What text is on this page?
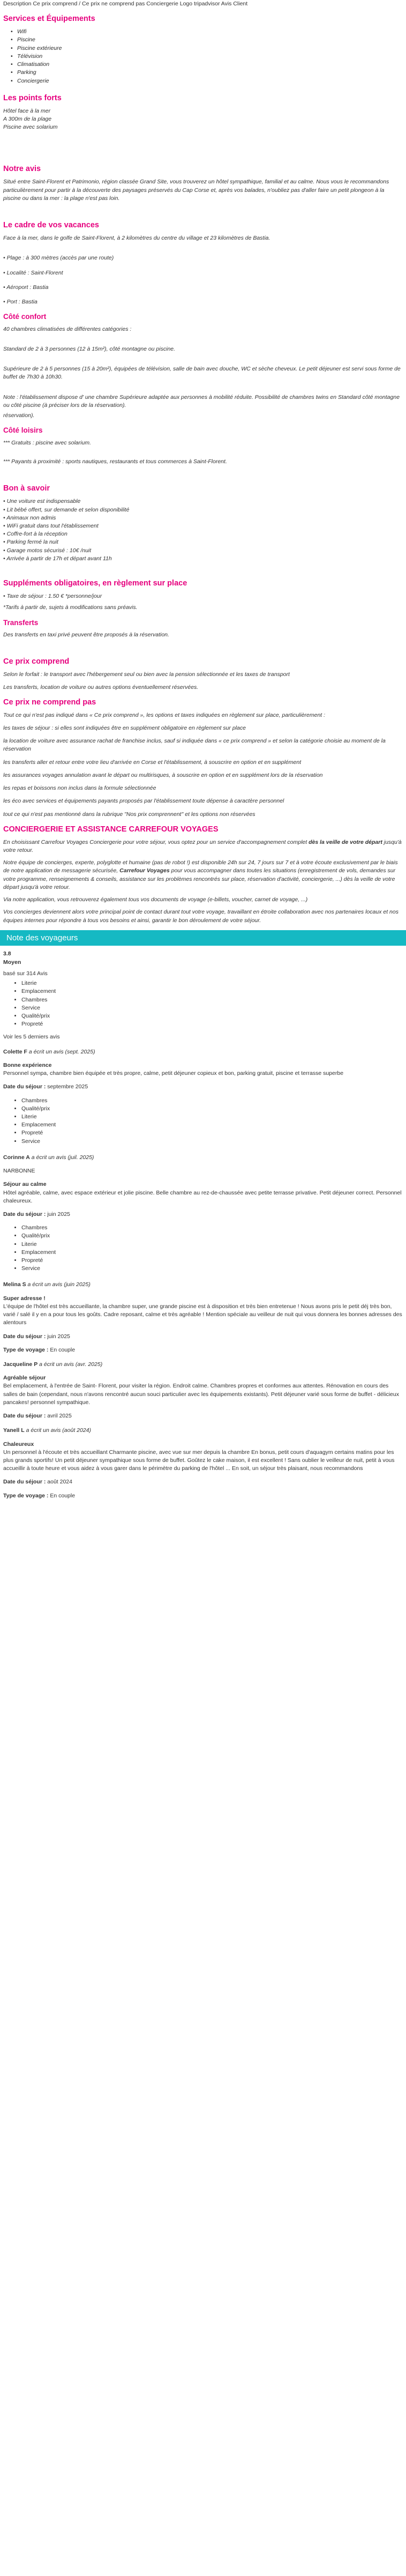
Description Ce prix comprend / Ce prix ne comprend pas Conciergerie Logo tripadvisor Avis Client

Services et Équipements
• Wifi
• Piscine
• Piscine extérieure
• Télévision
• Climatisation
• Parking
• Conciergerie
Les points forts

Hôtel face à la mer

A 300m de la plage

Piscine avec solarium

Notre avis

Situé entre Saint-Florent et Patrimonio, région classée Grand Site, vous trouverez un hôtel sympathique, familial et au calme. Nous vous le recommandons particulièrement pour partir à la découverte des paysages préservés du Cap Corse et, après vos balades, n'oubliez pas d'aller faire un petit plongeon à la piscine ou dans la mer : la plage n'est pas loin.

Le cadre de vos vacances

Face à la mer, dans le golfe de Saint-Florent, à 2 kilomètres du centre du village et 23 kilomètres de Bastia.

• Plage : à 300 mètres (accès par une route)

• Localité : Saint-Florent

• Aéroport : Bastia

• Port : Bastia

Côté confort

40 chambres climatisées de différentes catégories :

Standard de 2 à 3 personnes (12 à 15m²), côté montagne ou piscine.

Supérieure de 2 à 5 personnes (15 à 20m²), équipées de télévision, salle de bain avec douche, WC et sèche cheveux. Le petit déjeuner est servi sous forme de buffet de 7h30 à 10h30.

Note : l'établissement dispose d' une chambre Supérieure adaptée aux personnes à mobilité réduite. Possibilité de chambres twins en Standard côté montagne ou côté piscine (à préciser lors de la réservation).

réservation).

Côté loisirs

*** Gratuits : piscine avec solarium.

*** Payants à proximité : sports nautiques, restaurants et tous commerces à Saint-Florent.

Bon à savoir

• Une voiture est indispensable

• Lit bébé offert, sur demande et selon disponibilité

• Animaux non admis

• WiFi gratuit dans tout l'établissement

• Coffre-fort à la réception

• Parking fermé la nuit

• Garage motos sécurisé : 10€ /nuit

• Arrivée à partir de 17h et départ avant 11h

Suppléments obligatoires, en règlement sur place

• Taxe de séjour : 1.50 € *personne/jour

*Tarifs à partir de, sujets à modifications sans préavis.

Transferts

Des transferts en taxi privé peuvent être proposés à la réservation.

Ce prix comprend

Selon le forfait : le transport avec l'hébergement seul ou bien avec la pension sélectionnée et les taxes de transport

Les transferts, location de voiture ou autres options éventuellement réservées.

Ce prix ne comprend pas

Tout ce qui n'est pas indiqué dans « Ce prix comprend », les options et taxes indiquées en règlement sur place, particulièrement :

les taxes de séjour : si elles sont indiquées être en supplément obligatoire en règlement sur place

la location de voiture avec assurance rachat de franchise inclus, sauf si indiquée dans « ce prix comprend » et selon la catégorie choisie au moment de la réservation

les transferts aller et retour entre votre lieu d'arrivée en Corse et l'établissement, à souscrire en option et en supplément

les assurances voyages annulation avant le départ ou multirisques, à souscrire en option et en supplément lors de la réservation

les repas et boissons non inclus dans la formule sélectionnée

les éco avec services et équipements payants proposés par l'établissement toute dépense à caractère personnel

tout ce qui n'est pas mentionné dans la rubrique "Nos prix comprennent" et les options non réservées

CONCIERGERIE ET ASSISTANCE CARREFOUR VOYAGES

En choisissant Carrefour Voyages Conciergerie pour votre séjour, vous optez pour un service d'accompagnement complet dès la veille de votre départ jusqu'à votre retour.

Notre équipe de concierges, experte, polyglotte et humaine (pas de robot !) est disponible 24h sur 24, 7 jours sur 7 et à votre écoute exclusivement par le biais de notre application de messagerie sécurisée, Carrefour Voyages pour vous accompagner dans toutes les situations (enregistrement de vols, demandes sur votre programme, renseignements & conseils, assistance sur les problèmes rencontrés sur place, réservation d'activité, conciergerie, ...) dès la veille de votre départ jusqu'à votre retour.

Via notre application, vous retrouverez également tous vos documents de voyage (e-billets, voucher, carnet de voyage, ...)

Vos concierges deviennent alors votre principal point de contact durant tout votre voyage, travaillant en étroite collaboration avec nos partenaires locaux et nos équipes internes pour répondre à tous vos besoins et ainsi, garantir le bon déroulement de votre séjour.

Note des voyageurs
3.8
Moyen
basé sur 314 Avis
• Literie
• Emplacement
• Chambres
• Service
• Qualité/prix
• Propreté
Voir les 5 derniers avis
Colette F a écrit un avis (sept. 2025)
Bonne expérience
Personnel sympa, chambre bien équipée et très propre, calme, petit déjeuner copieux et bon, parking gratuit, piscine et terrasse superbe
Date du séjour : septembre 2025
• Chambres
• Qualité/prix
• Literie
• Emplacement
• Propreté
• Service
Corinne A a écrit un avis (juil. 2025)
NARBONNE
Séjour au calme
Hôtel agréable, calme, avec espace extérieur et jolie piscine. Belle chambre au rez-de-chaussée avec petite terrasse privative. Petit déjeuner correct. Personnel chaleureux.
Date du séjour : juin 2025
• Chambres
• Qualité/prix
• Literie
• Emplacement
• Propreté
• Service
Melina S a écrit un avis (juin 2025)
Super adresse !
L'équipe de l'hôtel est très accueillante, la chambre super, une grande piscine est à disposition et très bien entretenue ! Nous avons pris le petit déj très bon, varié / salé il y en a pour tous les goûts. Cadre reposant, calme et très agréable ! Mention spéciale au veilleur de nuit qui vous donnera les bonnes adresses des alentours
Date du séjour : juin 2025
Type de voyage : En couple
Jacqueline P a écrit un avis (avr. 2025)
Agréable séjour
Bel emplacement, à l'entrée de Saint- Florent, pour visiter la région. Endroit calme. Chambres propres et conformes aux attentes. Rénovation en cours des salles de bain (cependant, nous n'avons rencontré aucun souci particulier avec les équipements existants). Petit déjeuner varié sous forme de buffet - délicieux pancakes! personnel sympathique.
Date du séjour : avril 2025
Yanell L a écrit un avis (août 2024)
Chaleureux
Un personnel à l'écoute et très accueillant Charmante piscine, avec vue sur mer depuis la chambre En bonus, petit cours d'aquagym certains matins pour les plus grands sportifs! Un petit déjeuner sympathique sous forme de buffet. Goûtez le cake maison, il est excellent ! Sans oublier le veilleur de nuit, petit à vous accueillir à toute heure et vous aidez à vous garer dans le périmètre du parking de l'hôtel ... En soit, un séjour très plaisant, nous recommandons
Date du séjour : août 2024
Type de voyage : En couple
